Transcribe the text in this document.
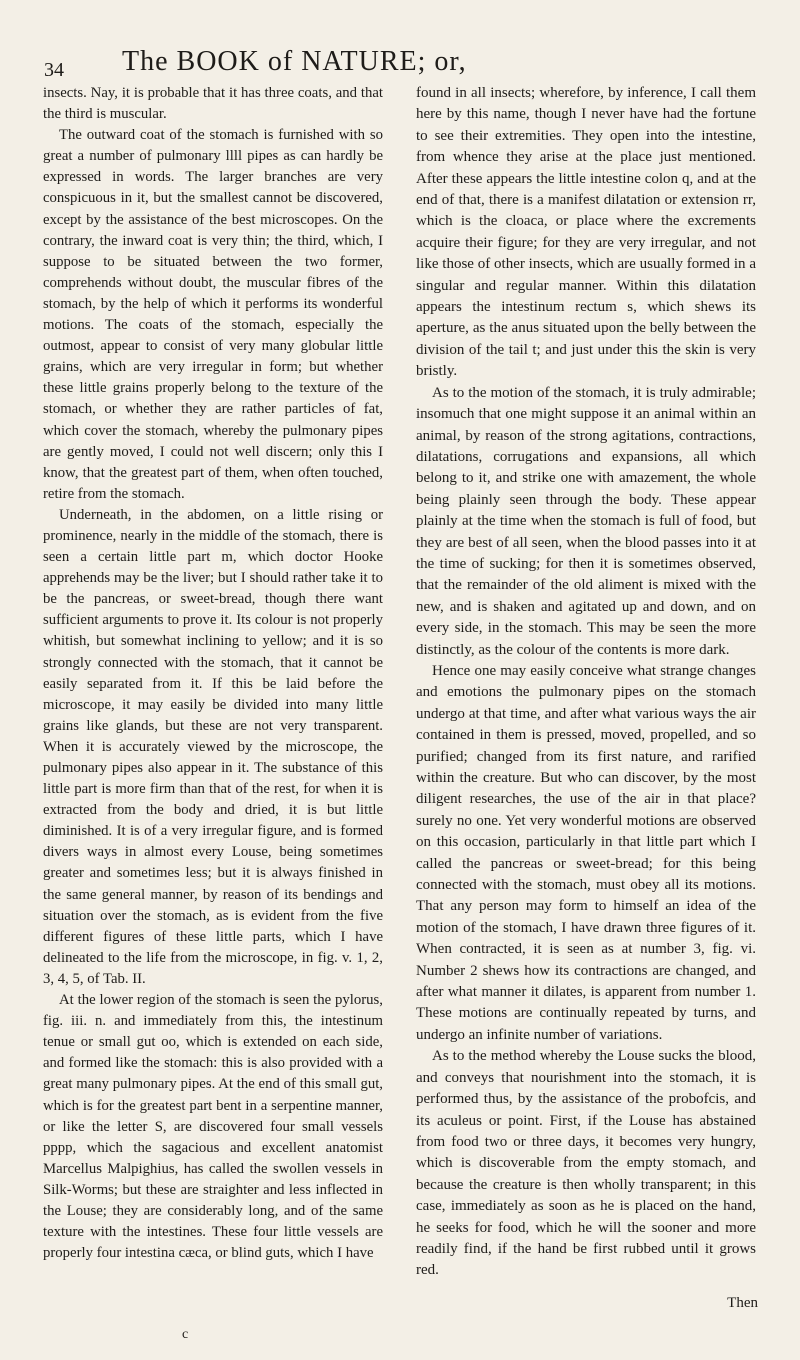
34 The BOOK of NATURE; or,

insects. Nay, it is probable that it has three coats, and that the third is muscular.

The outward coat of the stomach is furnished with so great a number of pulmonary llll pipes as can hardly be expressed in words. The larger branches are very conspicuous in it, but the smallest cannot be discovered, except by the assistance of the best microscopes. On the contrary, the inward coat is very thin; the third, which, I suppose to be situated between the two former, comprehends without doubt, the muscular fibres of the stomach, by the help of which it performs its wonderful motions. The coats of the stomach, especially the outmost, appear to consist of very many globular little grains, which are very irregular in form; but whether these little grains properly belong to the texture of the stomach, or whether they are rather particles of fat, which cover the stomach, whereby the pulmonary pipes are gently moved, I could not well discern; only this I know, that the greatest part of them, when often touched, retire from the stomach.

Underneath, in the abdomen, on a little rising or prominence, nearly in the middle of the stomach, there is seen a certain little part m, which doctor Hooke apprehends may be the liver; but I should rather take it to be the pancreas, or sweet-bread, though there want sufficient arguments to prove it. Its colour is not properly whitish, but somewhat inclining to yellow; and it is so strongly connected with the stomach, that it cannot be easily separated from it. If this be laid before the microscope, it may easily be divided into many little grains like glands, but these are not very transparent. When it is accurately viewed by the microscope, the pulmonary pipes also appear in it. The substance of this little part is more firm than that of the rest, for when it is extracted from the body and dried, it is but little diminished. It is of a very irregular figure, and is formed divers ways in almost every Louse, being sometimes greater and sometimes less; but it is always finished in the same general manner, by reason of its bendings and situation over the stomach, as is evident from the five different figures of these little parts, which I have delineated to the life from the microscope, in fig. v. 1, 2, 3, 4, 5, of Tab. II.

At the lower region of the stomach is seen the pylorus, fig. iii. n. and immediately from this, the intestinum tenue or small gut oo, which is extended on each side, and formed like the stomach: this is also provided with a great many pulmonary pipes. At the end of this small gut, which is for the greatest part bent in a serpentine manner, or like the letter S, are discovered four small vessels pppp, which the sagacious and excellent anatomist Marcellus Malpighius, has called the swollen vessels in Silk-Worms; but these are straighter and less inflected in the Louse; they are considerably long, and of the same texture with the intestines. These four little vessels are properly four intestina cæca, or blind guts, which I have

found in all insects; wherefore, by inference, I call them here by this name, though I never have had the fortune to see their extremities. They open into the intestine, from whence they arise at the place just mentioned. After these appears the little intestine colon q, and at the end of that, there is a manifest dilatation or extension rr, which is the cloaca, or place where the excrements acquire their figure; for they are very irregular, and not like those of other insects, which are usually formed in a singular and regular manner. Within this dilatation appears the intestinum rectum s, which shews its aperture, as the anus situated upon the belly between the division of the tail t; and just under this the skin is very bristly.

As to the motion of the stomach, it is truly admirable; insomuch that one might suppose it an animal within an animal, by reason of the strong agitations, contractions, dilatations, corrugations and expansions, all which belong to it, and strike one with amazement, the whole being plainly seen through the body. These appear plainly at the time when the stomach is full of food, but they are best of all seen, when the blood passes into it at the time of sucking; for then it is sometimes observed, that the remainder of the old aliment is mixed with the new, and is shaken and agitated up and down, and on every side, in the stomach. This may be seen the more distinctly, as the colour of the contents is more dark.

Hence one may easily conceive what strange changes and emotions the pulmonary pipes on the stomach undergo at that time, and after what various ways the air contained in them is pressed, moved, propelled, and so purified; changed from its first nature, and rarified within the creature. But who can discover, by the most diligent researches, the use of the air in that place? surely no one. Yet very wonderful motions are observed on this occasion, particularly in that little part which I called the pancreas or sweet-bread; for this being connected with the stomach, must obey all its motions. That any person may form to himself an idea of the motion of the stomach, I have drawn three figures of it. When contracted, it is seen as at number 3, fig. vi. Number 2 shews how its contractions are changed, and after what manner it dilates, is apparent from number 1. These motions are continually repeated by turns, and undergo an infinite number of variations.

As to the method whereby the Louse sucks the blood, and conveys that nourishment into the stomach, it is performed thus, by the assistance of the probofcis, and its aculeus or point. First, if the Louse has abstained from food two or three days, it becomes very hungry, which is discoverable from the empty stomach, and because the creature is then wholly transparent; in this case, immediately as soon as he is placed on the hand, he seeks for food, which he will the sooner and more readily find, if the hand be first rubbed until it grows red.

Then
c
